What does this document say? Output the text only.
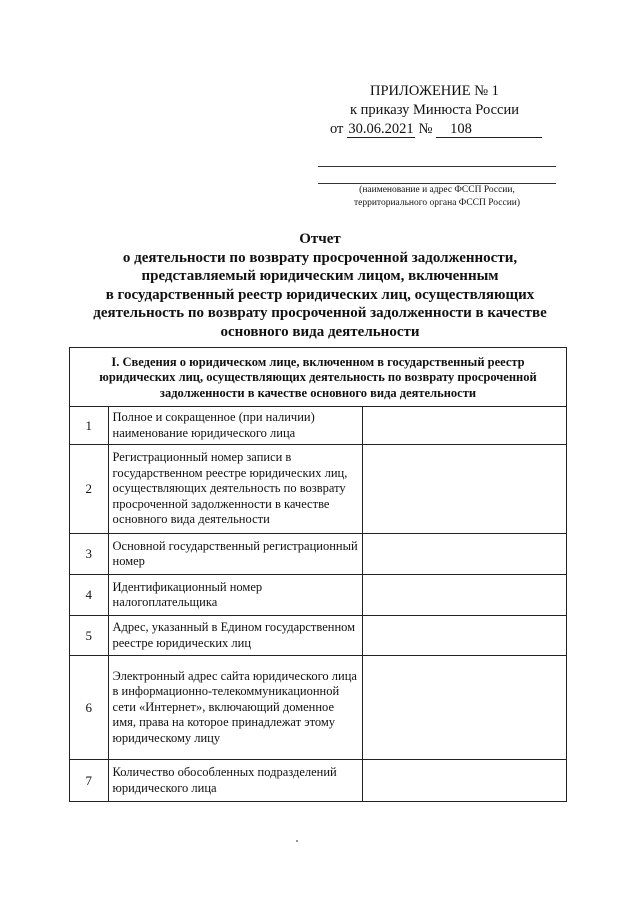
ПРИЛОЖЕНИЕ № 1
к приказу Минюста России
от 30.06.2021 № 108
(наименование и адрес ФССП России,
территориального органа ФССП России)
Отчет
о деятельности по возврату просроченной задолженности,
представляемый юридическим лицом, включенным
в государственный реестр юридических лиц, осуществляющих
деятельность по возврату просроченной задолженности в качестве
основного вида деятельности
I. Сведения о юридическом лице, включенном в государственный реестр юридических лиц, осуществляющих деятельность по возврату просроченной задолженности в качестве основного вида деятельности		
1	Полное и сокращенное (при наличии) наименование юридического лица	
2	Регистрационный номер записи в государственном реестре юридических лиц, осуществляющих деятельность по возврату просроченной задолженности в качестве основного вида деятельности	
3	Основной государственный регистрационный номер	
4	Идентификационный номер налогоплательщика	
5	Адрес, указанный в Едином государственном реестре юридических лиц	
6	Электронный адрес сайта юридического лица в информационно-телекоммуникационной сети «Интернет», включающий доменное имя, права на которое принадлежат этому юридическому лицу	
7	Количество обособленных подразделений юридического лица	
